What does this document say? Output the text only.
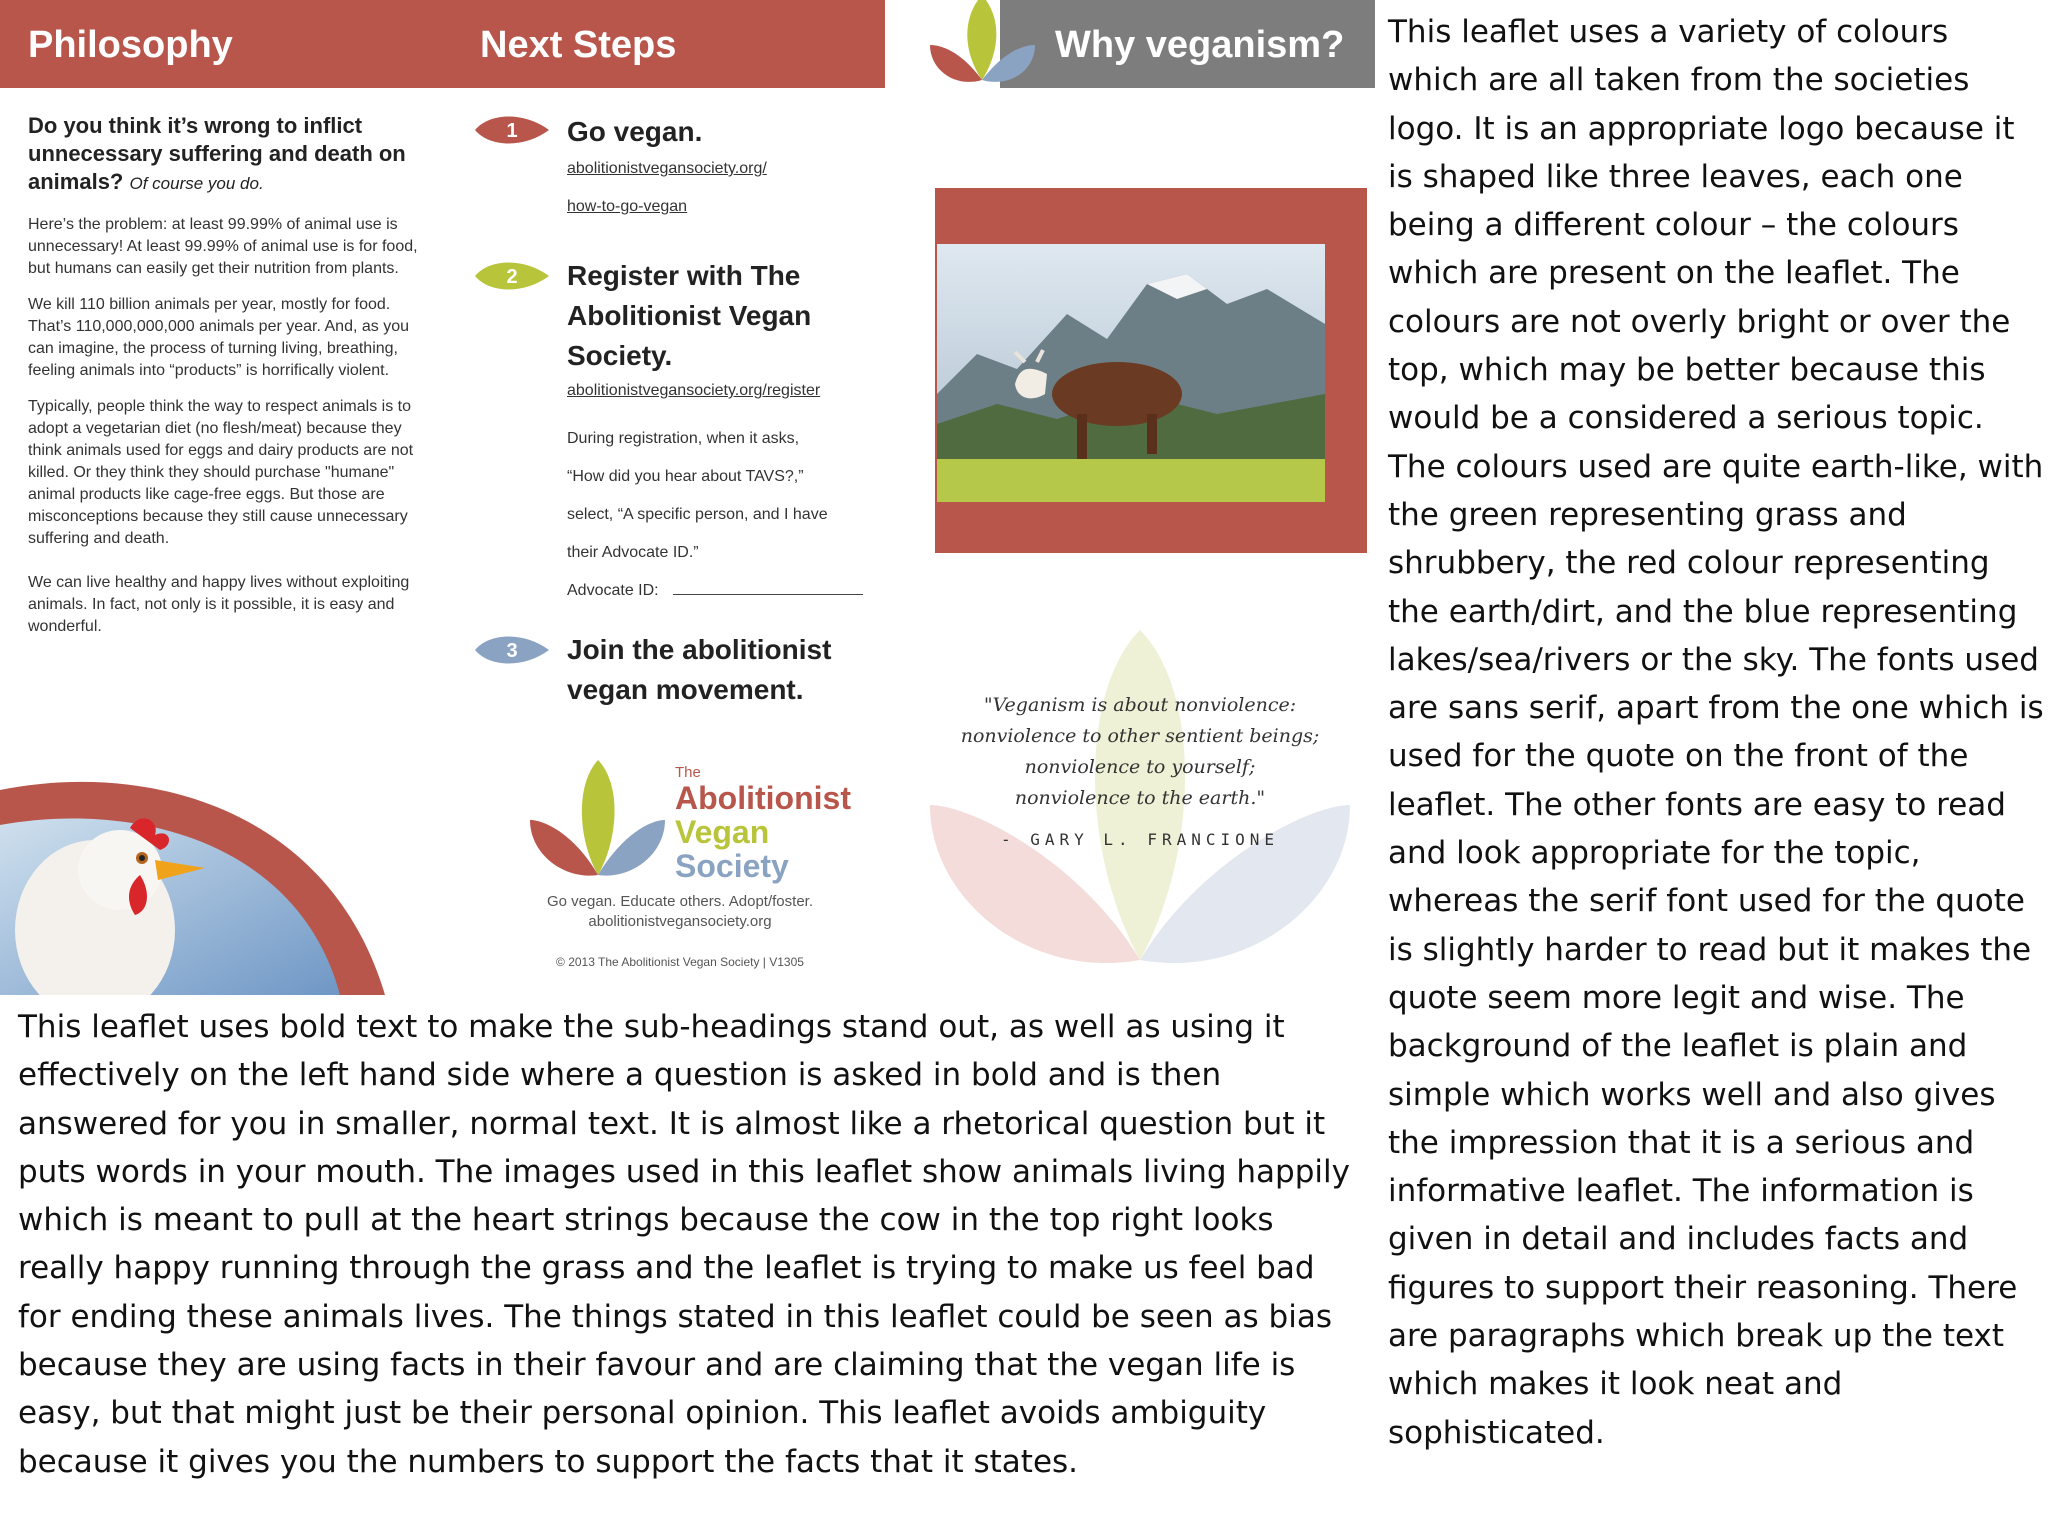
Philosophy	Next Steps	Why veganism?
Do you think it’s wrong to inflict unnecessary suffering and death on animals? Of course you do.

Here’s the problem: at least 99.99% of animal use is unnecessary! At least 99.99% of animal use is for food, but humans can easily get their nutrition from plants.

We kill 110 billion animals per year, mostly for food. That’s 110,000,000,000 animals per year. And, as you can imagine, the process of turning living, breathing, feeling animals into “products” is horrifically violent.

Typically, people think the way to respect animals is to adopt a vegetarian diet (no flesh/meat) because they think animals used for eggs and dairy products are not killed. Or they think they should purchase "humane" animal products like cage-free eggs. But those are misconceptions because they still cause unnecessary suffering and death.

We can live healthy and happy lives without exploiting animals. In fact, not only is it possible, it is easy and wonderful.

1 Go vegan.
abolitionistvegansociety.org/
how-to-go-vegan
2 Register with The
Abolitionist Vegan
Society.
abolitionistvegansociety.org/register
During registration, when it asks,
“How did you hear about TAVS?,”
select, “A specific person, and I have
their Advocate ID.”
Advocate ID:
3 Join the abolitionist
vegan movement.
The
Abolitionist
Vegan
Society
Go vegan. Educate others. Adopt/foster.
abolitionistvegansociety.org
© 2013 The Abolitionist Vegan Society | V1305
"Veganism is about nonviolence:
nonviolence to other sentient beings;
nonviolence to yourself;
nonviolence to the earth."
- GARY L. FRANCIONE
This leaflet uses a variety of colours which are all taken from the societies logo. It is an appropriate logo because it is shaped like three leaves, each one being a different colour – the colours which are present on the leaflet. The colours are not overly bright or over the top, which may be better because this would be a considered a serious topic. The colours used are quite earth-like, with the green representing grass and shrubbery, the red colour representing the earth/dirt, and the blue representing lakes/sea/rivers or the sky. The fonts used are sans serif, apart from the one which is used for the quote on the front of the leaflet. The other fonts are easy to read and look appropriate for the topic, whereas the serif font used for the quote is slightly harder to read but it makes the quote seem more legit and wise. The background of the leaflet is plain and simple which works well and also gives the impression that it is a serious and informative leaflet. The information is given in detail and includes facts and figures to support their reasoning. There are paragraphs which break up the text which makes it look neat and sophisticated.
This leaflet uses bold text to make the sub-headings stand out, as well as using it effectively on the left hand side where a question is asked in bold and is then answered for you in smaller, normal text. It is almost like a rhetorical question but it puts words in your mouth. The images used in this leaflet show animals living happily which is meant to pull at the heart strings because the cow in the top right looks really happy running through the grass and the leaflet is trying to make us feel bad for ending these animals lives. The things stated in this leaflet could be seen as bias because they are using facts in their favour and are claiming that the vegan life is easy, but that might just be their personal opinion. This leaflet avoids ambiguity because it gives you the numbers to support the facts that it states.
